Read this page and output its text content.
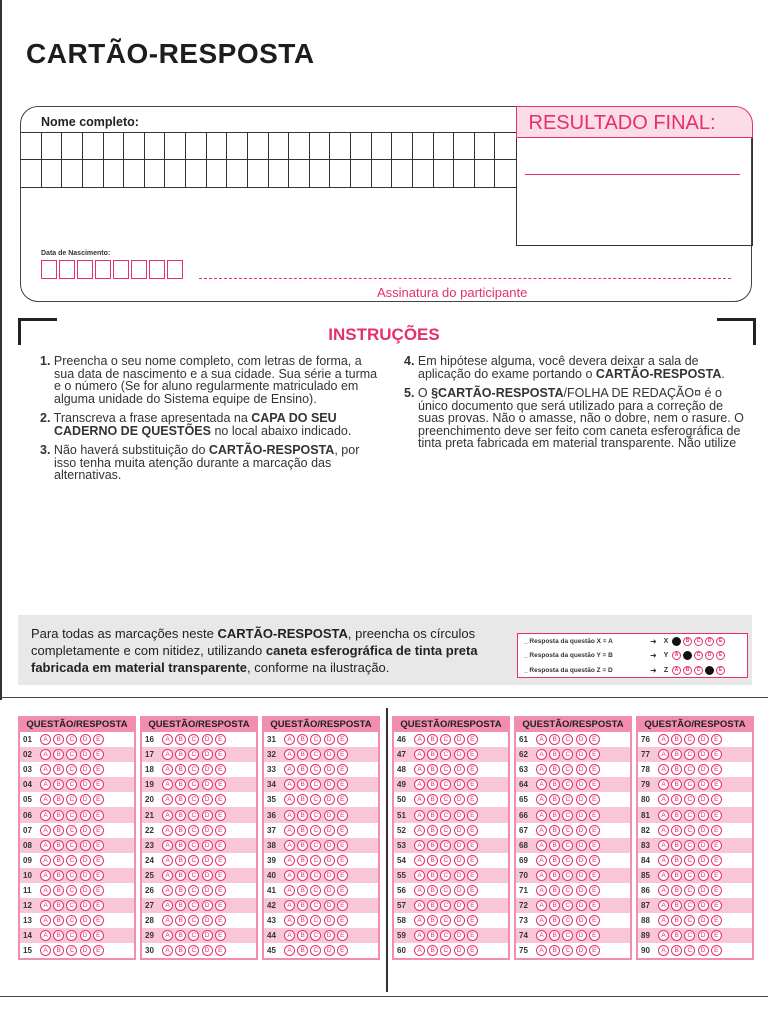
CARTÃO-RESPOSTA
Nome completo:	RESULTADO FINAL:
Data de Nascimento:
Assinatura do participante
INSTRUÇÕES
1. Preencha o seu nome completo, com letras de forma, a sua data de nascimento e a sua cidade. Sua série a turma e o número (Se for aluno regularmente matriculado em alguma unidade do Sistema equipe de Ensino).
2. Transcreva a frase apresentada na CAPA DO SEU CADERNO DE QUESTÕES no local abaixo indicado.
3. Não haverá substituição do CARTÃO-RESPOSTA, por isso tenha muita atenção durante a marcação das alternativas.
4. Em hipótese alguma, você devera deixar a sala de aplicação do exame portando o CARTÃO-RESPOSTA.
5. O §CARTÃO-RESPOSTA/FOLHA DE REDAÇÃO¤ é o único documento que será utilizado para a correção de suas provas. Não o amasse, não o dobre, nem o rasure. O preenchimento deve ser feito com caneta esferográfica de tinta preta fabricada em material transparente. Não utilize
Para todas as marcações neste CARTÃO-RESPOSTA, preencha os círculos completamente e com nitidez, utilizando caneta esferográfica de tinta preta fabricada em material transparente, conforme na ilustração.
_ Resposta da questão X = A	➜ X	B	C	D	E
_ Resposta da questão Y = B	➜ Y	A	C	D	E
_ Resposta da questão Z = D	➜	Z	A	B	C	E
QUESTÃO/RESPOSTA
01	A	B	C	D	E
02	A	B	C	D	E
03	A	B	C	D	E
04	A	B	C	D	E
05	A	B	C	D	E
06	A	B	C	D	E
07	A	B	C	D	E
08	A	B	C	D	E
09	A	B	C	D	E
10	A	B	C	D	E
11	A	B	C	D	E
12	A	B	C	D	E
13	A	B	C	D	E
14	A	B	C	D	E
15	A	B	C	D	E
QUESTÃO/RESPOSTA
16	A	B	C	D	E
17	A	B	C	D	E
18	A	B	C	D	E
19	A	B	C	D	E
20	A	B	C	D	E
21	A	B	C	D	E
22	A	B	C	D	E
23	A	B	C	D	E
24	A	B	C	D	E
25	A	B	C	D	E
26	A	B	C	D	E
27	A	B	C	D	E
28	A	B	C	D	E
29	A	B	C	D	E
30	A	B	C	D	E
QUESTÃO/RESPOSTA
31	A	B	C	D	E
32	A	B	C	D	E
33	A	B	C	D	E
34	A	B	C	D	E
35	A	B	C	D	E
36	A	B	C	D	E
37	A	B	C	D	E
38	A	B	C	D	E
39	A	B	C	D	E
40	A	B	C	D	E
41	A	B	C	D	E
42	A	B	C	D	E
43	A	B	C	D	E
44	A	B	C	D	E
45	A	B	C	D	E
QUESTÃO/RESPOSTA
46	A	B	C	D	E
47	A	B	C	D	E
48	A	B	C	D	E
49	A	B	C	D	E
50	A	B	C	D	E
51	A	B	C	D	E
52	A	B	C	D	E
53	A	B	C	D	E
54	A	B	C	D	E
55	A	B	C	D	E
56	A	B	C	D	E
57	A	B	C	D	E
58	A	B	C	D	E
59	A	B	C	D	E
60	A	B	C	D	E
QUESTÃO/RESPOSTA
61	A	B	C	D	E
62	A	B	C	D	E
63	A	B	C	D	E
64	A	B	C	D	E
65	A	B	C	D	E
66	A	B	C	D	E
67	A	B	C	D	E
68	A	B	C	D	E
69	A	B	C	D	E
70	A	B	C	D	E
71	A	B	C	D	E
72	A	B	C	D	E
73	A	B	C	D	E
74	A	B	C	D	E
75	A	B	C	D	E
QUESTÃO/RESPOSTA
76	A	B	C	D	E
77	A	B	C	D	E
78	A	B	C	D	E
79	A	B	C	D	E
80	A	B	C	D	E
81	A	B	C	D	E
82	A	B	C	D	E
83	A	B	C	D	E
84	A	B	C	D	E
85	A	B	C	D	E
86	A	B	C	D	E
87	A	B	C	D	E
88	A	B	C	D	E
89	A	B	C	D	E
90	A	B	C	D	E
